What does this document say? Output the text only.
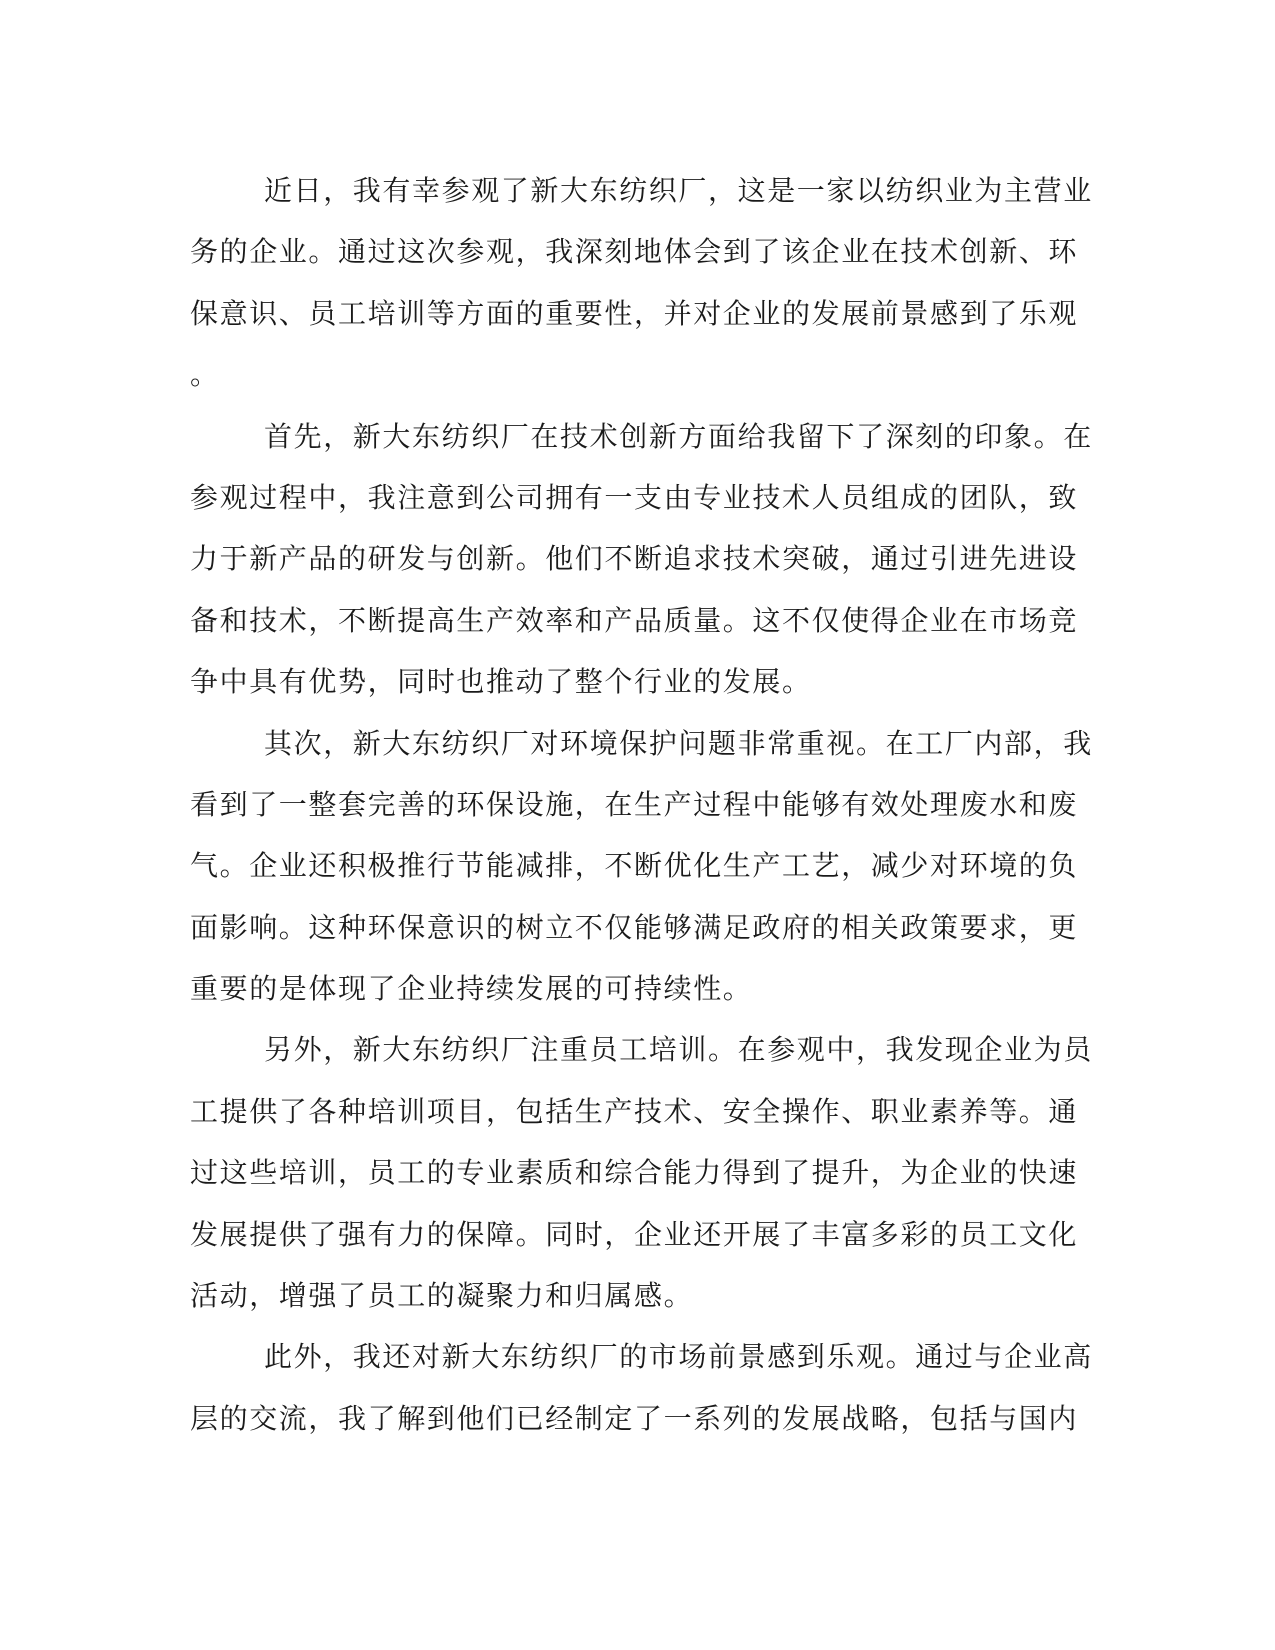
近日，我有幸参观了新大东纺织厂，这是一家以纺织业为主营业
务的企业。通过这次参观，我深刻地体会到了该企业在技术创新、环
保意识、员工培训等方面的重要性，并对企业的发展前景感到了乐观
。
首先，新大东纺织厂在技术创新方面给我留下了深刻的印象。在
参观过程中，我注意到公司拥有一支由专业技术人员组成的团队，致
力于新产品的研发与创新。他们不断追求技术突破，通过引进先进设
备和技术，不断提高生产效率和产品质量。这不仅使得企业在市场竞
争中具有优势，同时也推动了整个行业的发展。
其次，新大东纺织厂对环境保护问题非常重视。在工厂内部，我
看到了一整套完善的环保设施，在生产过程中能够有效处理废水和废
气。企业还积极推行节能减排，不断优化生产工艺，减少对环境的负
面影响。这种环保意识的树立不仅能够满足政府的相关政策要求，更
重要的是体现了企业持续发展的可持续性。
另外，新大东纺织厂注重员工培训。在参观中，我发现企业为员
工提供了各种培训项目，包括生产技术、安全操作、职业素养等。通
过这些培训，员工的专业素质和综合能力得到了提升，为企业的快速
发展提供了强有力的保障。同时，企业还开展了丰富多彩的员工文化
活动，增强了员工的凝聚力和归属感。
此外，我还对新大东纺织厂的市场前景感到乐观。通过与企业高
层的交流，我了解到他们已经制定了一系列的发展战略，包括与国内
